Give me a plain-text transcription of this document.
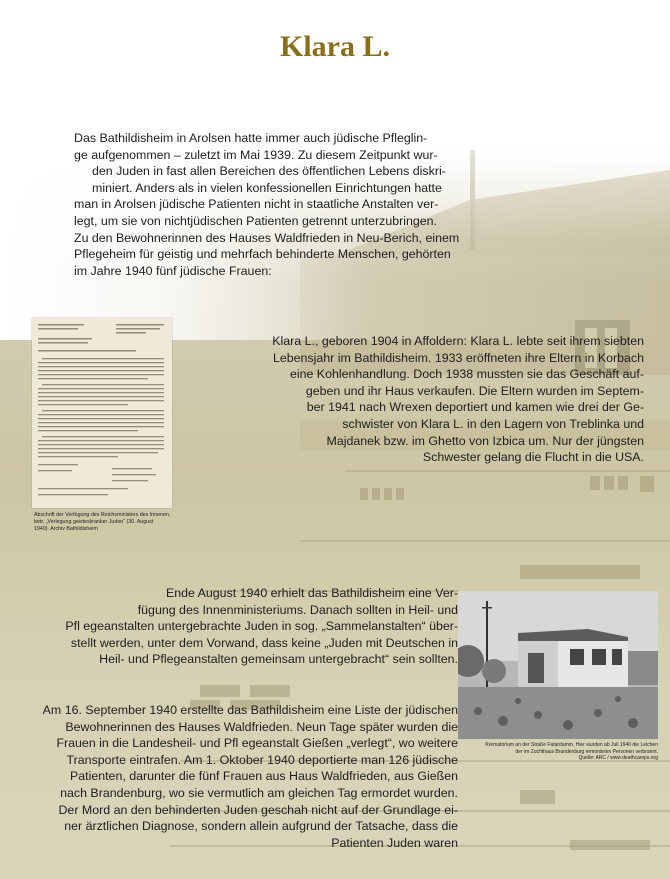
Klara L.
Das Bathildisheim in Arolsen hatte immer auch jüdische Pfleglin-
ge aufgenommen – zuletzt im Mai 1939. Zu diesem Zeitpunkt wur-
den Juden in fast allen Bereichen des öffentlichen Lebens diskri-
miniert. Anders als in vielen konfessionellen Einrichtungen hatte
man in Arolsen jüdische Patienten nicht in staatliche Anstalten ver-
legt, um sie von nichtjüdischen Patienten getrennt unterzubringen.
Zu den Bewohnerinnen des Hauses Waldfrieden in Neu-Berich, einem
Pflegeheim für geistig und mehrfach behinderte Menschen, gehörten
im Jahre 1940 fünf jüdische Frauen:
Abschrift der Verfügung des Reichsministers des Innenen,
betr. „Verlegung geisteskranker Juden“ (30. August
1940). Archiv Bathildisheim
Klara L., geboren 1904 in Affoldern: Klara L. lebte seit ihrem siebten
Lebensjahr im Bathildisheim. 1933 eröffneten ihre Eltern in Korbach
eine Kohlenhandlung. Doch 1938 mussten sie das Geschäft auf-
geben und ihr Haus verkaufen. Die Eltern wurden im Septem-
ber 1941 nach Wrexen deportiert und kamen wie drei der Ge-
schwister von Klara L. in den Lagern von Treblinka und
Majdanek bzw. im Ghetto von Izbica um. Nur der jüngsten
Schwester gelang die Flucht in die USA.
Ende August 1940 erhielt das Bathildisheim eine Ver-
fügung des Innenministeriums. Danach sollten in Heil- und
Pfl egeanstalten untergebrachte Juden in sog. „Sammelanstalten“ über-
stellt werden, unter dem Vorwand, dass keine „Juden mit Deutschen in
Heil- und Pflegeanstalten gemeinsam untergebracht“ sein sollten.
Krematorium an der Straße Fatardamm. Hier wurden ab Juli 1940 die Leichen
der im Zuchthaus Brandenburg ermordeten Personen verbrannt.
Quelle: ARC / www.deathcamps.org
Am 16. September 1940 erstellte das Bathildisheim eine Liste der jüdischen
Bewohnerinnen des Hauses Waldfrieden. Neun Tage später wurden die
Frauen in die Landesheil- und Pfl egeanstalt Gießen „verlegt“, wo weitere
Transporte eintrafen. Am 1. Oktober 1940 deportierte man 126 jüdische
Patienten, darunter die fünf Frauen aus Haus Waldfrieden, aus Gießen
nach Brandenburg, wo sie vermutlich am gleichen Tag ermordet wurden.
Der Mord an den behinderten Juden geschah nicht auf der Grundlage ei-
ner ärztlichen Diagnose, sondern allein aufgrund der Tatsache, dass die
Patienten Juden waren
